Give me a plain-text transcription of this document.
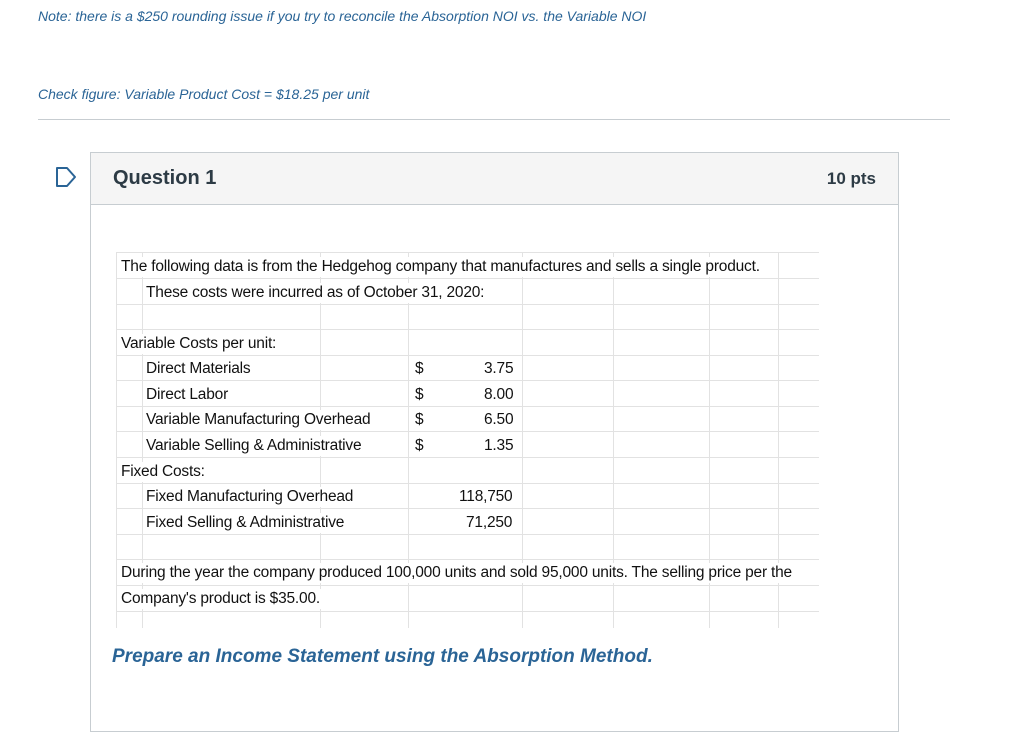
Note: there is a $250 rounding issue if you try to reconcile the Absorption NOI vs. the Variable NOI
Check figure: Variable Product Cost = $18.25 per unit
Question 1	10 pts
The following data is from the Hedgehog company that manufactures and sells a single product.
These costs were incurred as of October 31, 2020:
Variable Costs per unit:
Direct Materials	$	3.75
Direct Labor	$	8.00
Variable Manufacturing Overhead	$	6.50
Variable Selling & Administrative	$	1.35
Fixed Costs:
Fixed Manufacturing Overhead	118,750
Fixed Selling & Administrative	71,250
During the year the company produced 100,000 units and sold 95,000 units. The selling price per the
Company's product is $35.00.
Prepare an Income Statement using the Absorption Method.
